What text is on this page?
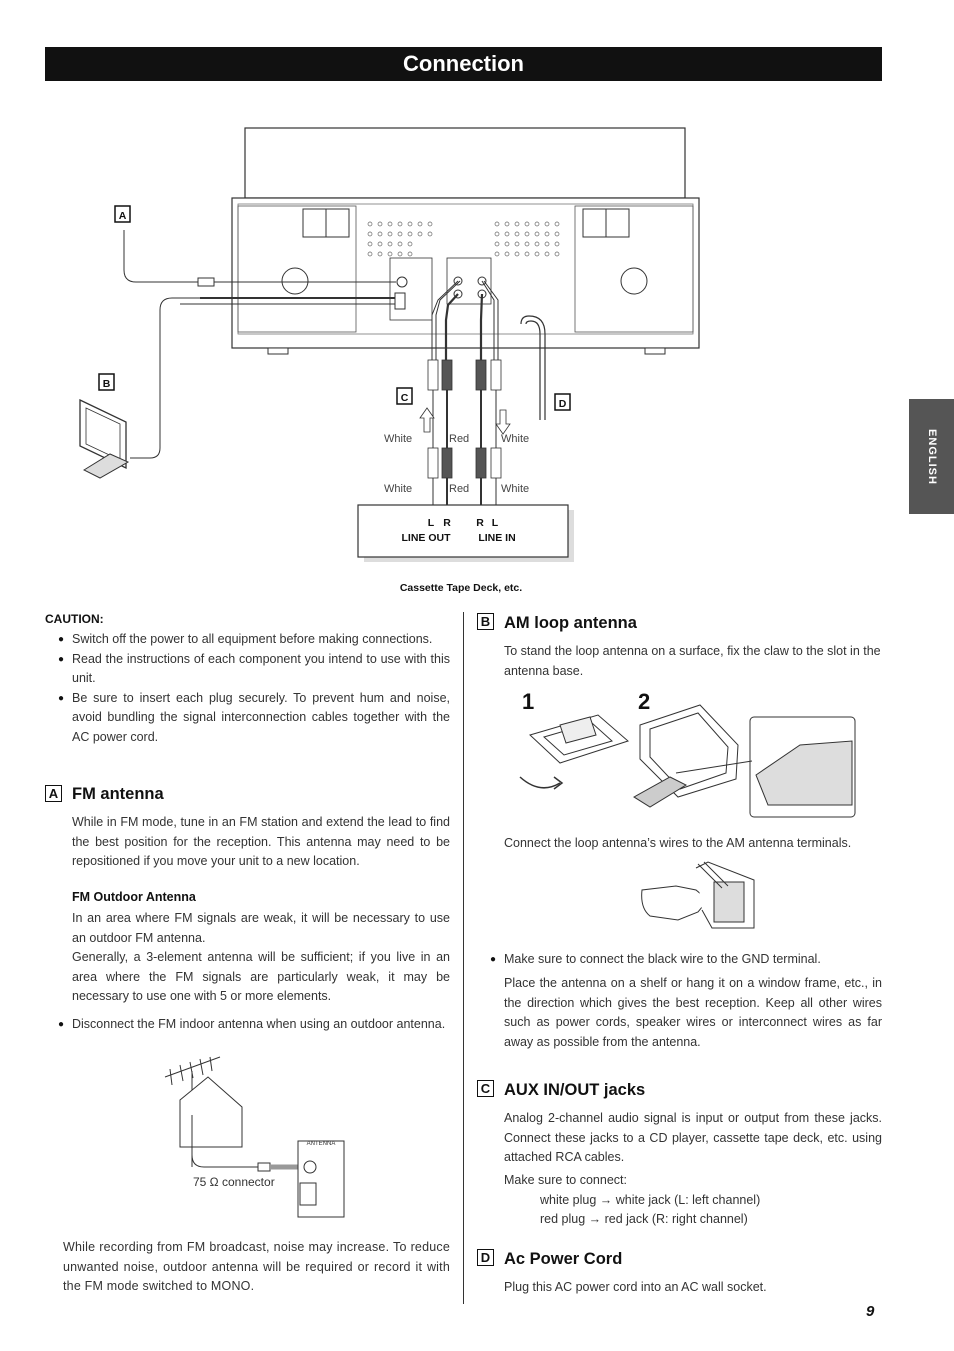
Connection
ENGLISH
A
B
C	D
White	Red	White
White	Red	White
L R R L
LINE OUT	LINE IN
Cassette Tape Deck, etc.
CAUTION:
● Switch off the power to all equipment before making connections.
● Read the instructions of each component you intend to use with this unit.
● Be sure to insert each plug securely. To prevent hum and noise, avoid bundling the signal interconnection cables together with the AC power cord.
A FM antenna
While in FM mode, tune in an FM station and extend the lead to find the best position for the reception. This antenna may need to be repositioned if you move your unit to a new location.
FM Outdoor Antenna
In an area where FM signals are weak, it will be necessary to use an outdoor FM antenna.
Generally, a 3-element antenna will be sufficient; if you live in an area where the FM signals are particularly weak, it may be necessary to use one with 5 or more elements.
● Disconnect the FM indoor antenna when using an outdoor antenna.
ANTENNA
75 Ω connector
While recording from FM broadcast, noise may increase. To reduce unwanted noise, outdoor antenna will be required or record it with the FM mode switched to MONO.
B AM loop antenna
To stand the loop antenna on a surface, fix the claw to the slot in the antenna base.
1	2
Connect the loop antenna’s wires to the AM antenna terminals.
● Make sure to connect the black wire to the GND terminal.
Place the antenna on a shelf or hang it on a window frame, etc., in the direction which gives the best reception. Keep all other wires such as power cords, speaker wires or interconnect wires as far away as possible from the antenna.
C AUX IN/OUT jacks
Analog 2-channel audio signal is input or output from these jacks. Connect these jacks to a CD player, cassette tape deck, etc. using attached RCA cables.
Make sure to connect:
white plug → white jack (L: left channel)
red plug → red jack (R: right channel)
D Ac Power Cord
Plug this AC power cord into an AC wall socket.
9
